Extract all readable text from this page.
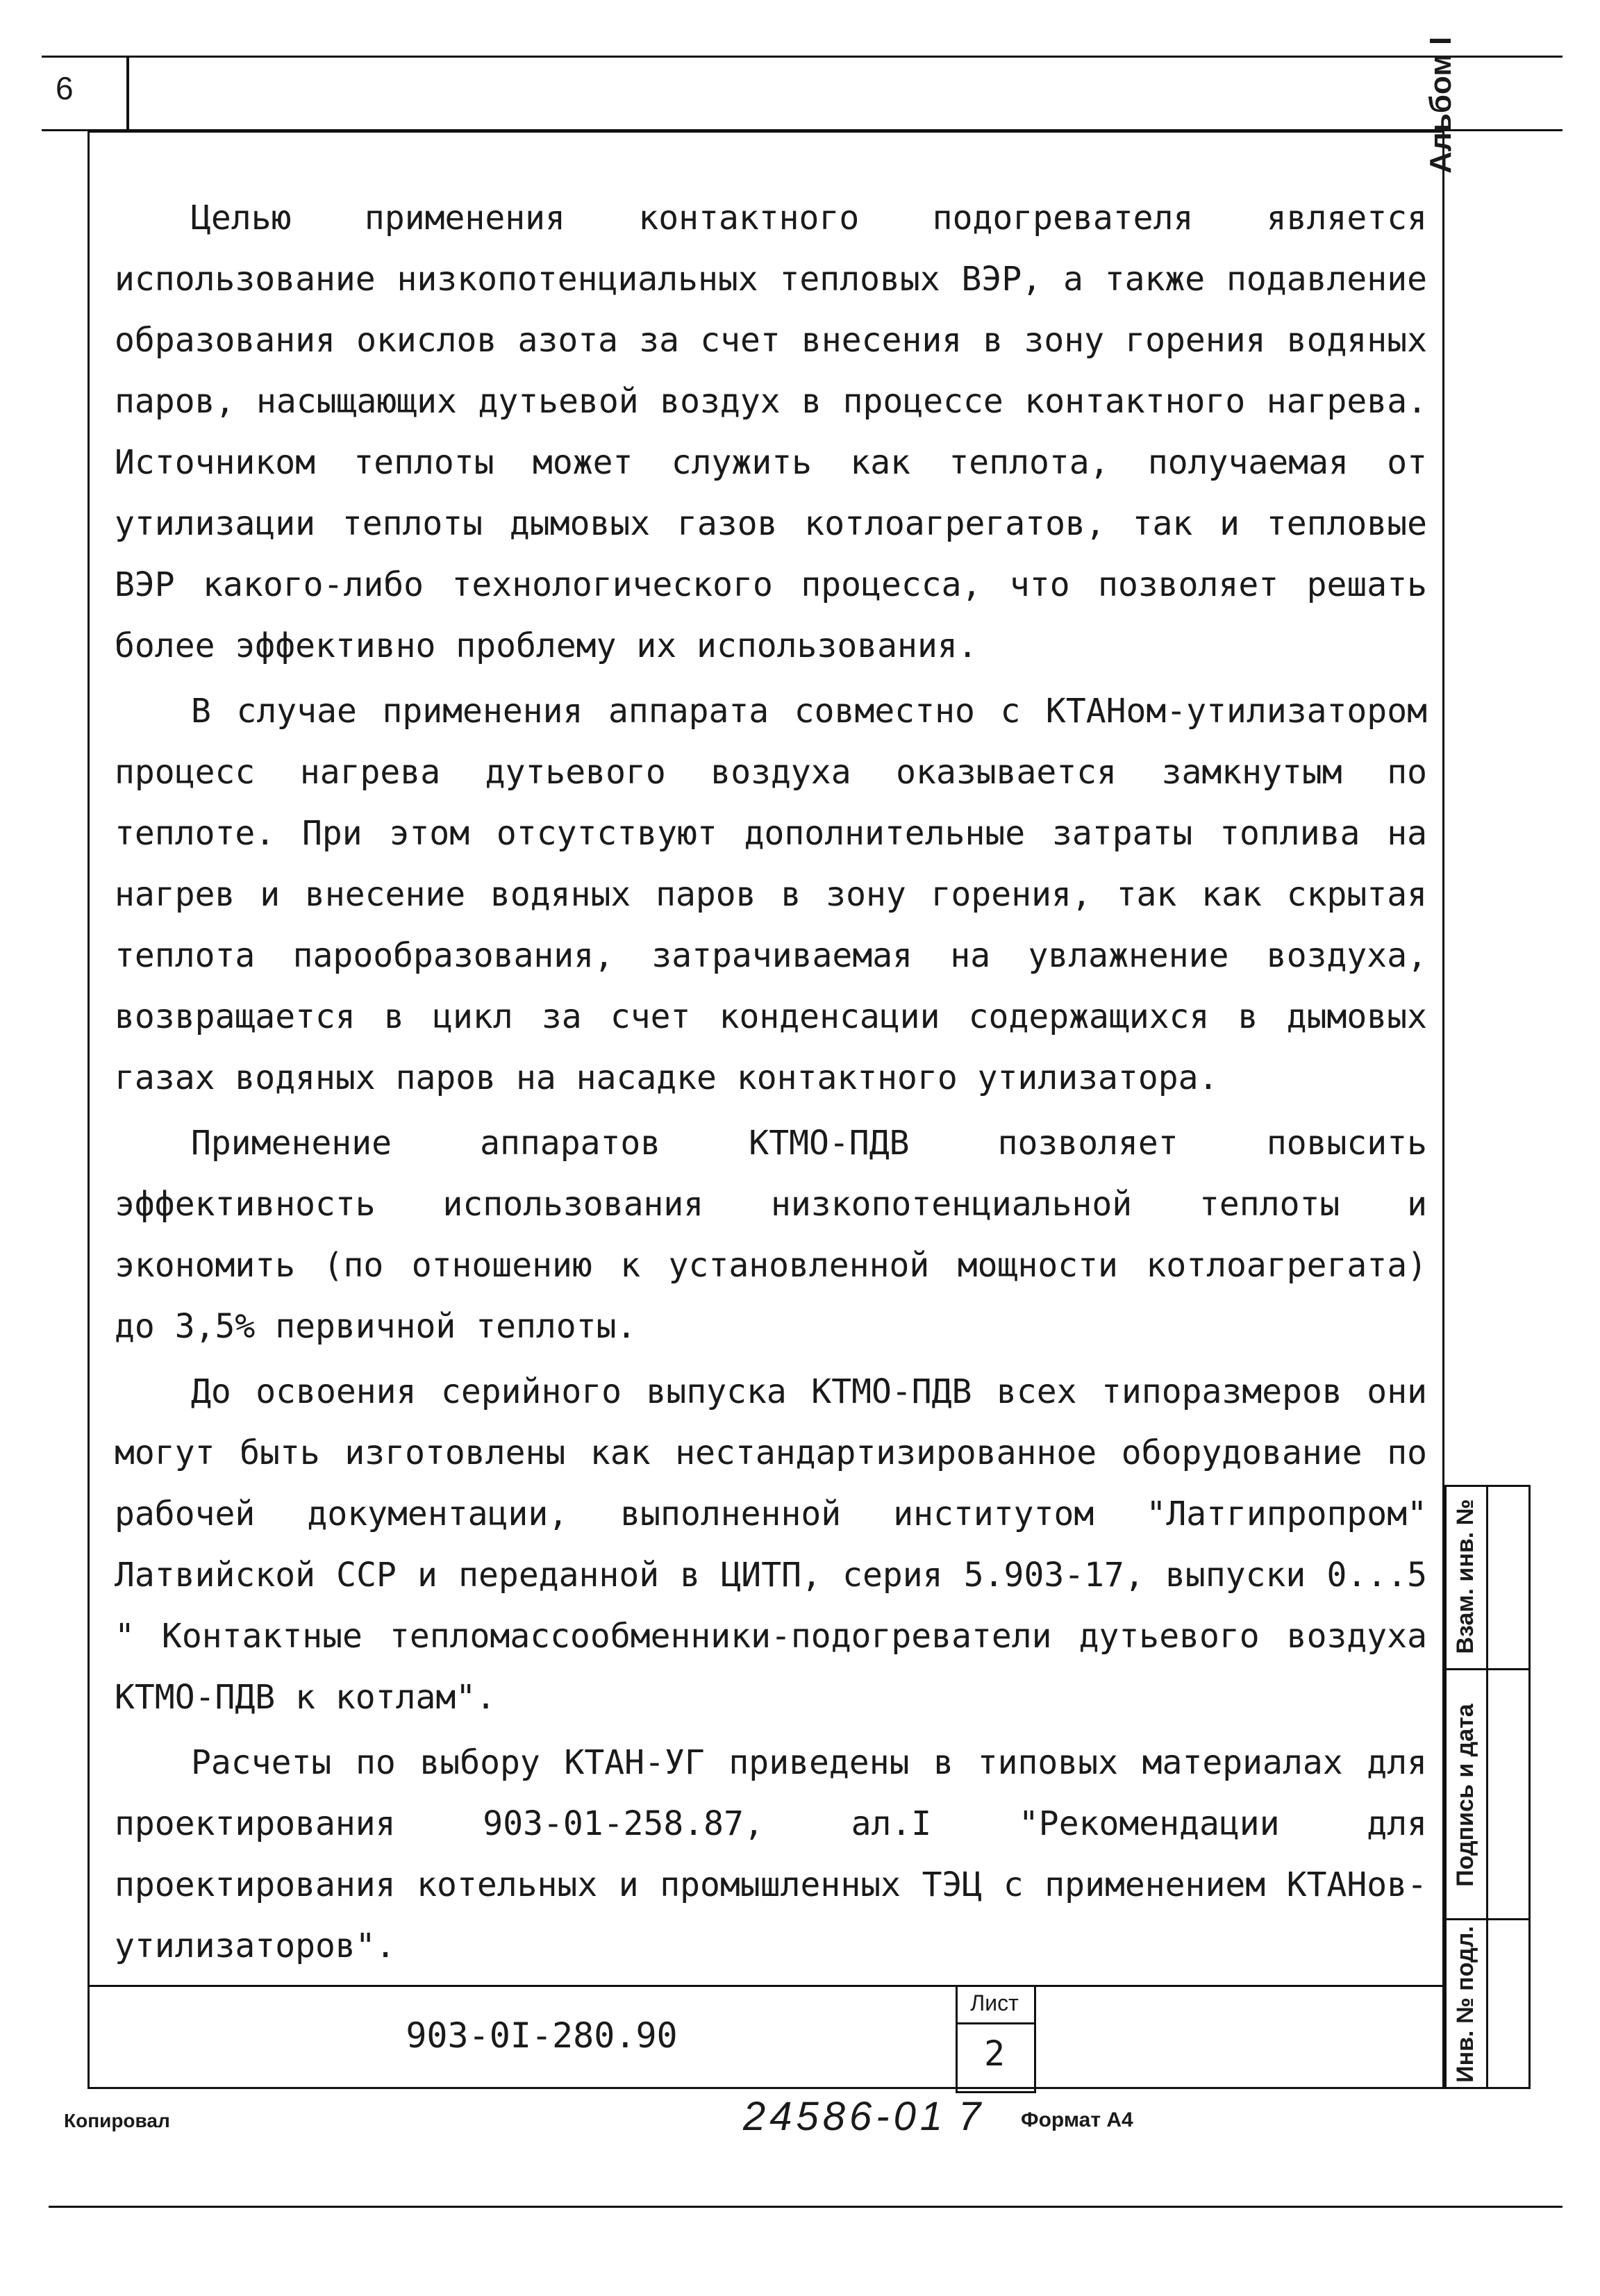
6	Альбом I

Целью применения контактного подогревателя является использование низкопотенциальных тепловых ВЭР, а также подавление образования окислов азота за счет внесения в зону горения водяных паров, насыщающих дутьевой воздух в процессе контактного нагрева. Источником теплоты может служить как теплота, получаемая от утилизации теплоты дымовых газов котлоагрегатов, так и тепловые ВЭР какого-либо технологического процесса, что позволяет решать более эффективно проблему их использования.

В случае применения аппарата совместно с КТАНом-утилизатором процесс нагрева дутьевого воздуха оказывается замкнутым по теплоте. При этом отсутствуют дополнительные затраты топлива на нагрев и внесение водяных паров в зону горения, так как скрытая теплота парообразования, затрачиваемая на увлажнение воздуха, возвращается в цикл за счет конденсации содержащихся в дымовых газах водяных паров на насадке контактного утилизатора.

Применение аппаратов КТМО-ПДВ позволяет повысить эффективность использования низкопотенциальной теплоты и экономить (по отношению к установленной мощности котлоагрегата) до 3,5% первичной теплоты.

До освоения серийного выпуска КТМО-ПДВ всех типоразмеров они могут быть изготовлены как нестандартизированное оборудование по рабочей документации, выполненной институтом "Латгипропром" Латвийской ССР и переданной в ЦИТП, серия 5.903-17, выпуски 0...5 " Контактные тепломассообменники-подогреватели дутьевого воздуха КТМО-ПДВ к котлам".

Расчеты по выбору КТАН-УГ приведены в типовых материалах для проектирования 903-01-258.87, ал.I "Рекомендации для проектирования котельных и промышленных ТЭЦ с применением КТАНов-утилизаторов".

903-0I-280.90
Лист
2
Взам. инв. №
Подпись и дата
Инв. № подл.
Копировал	24586-01 7 Формат А4
